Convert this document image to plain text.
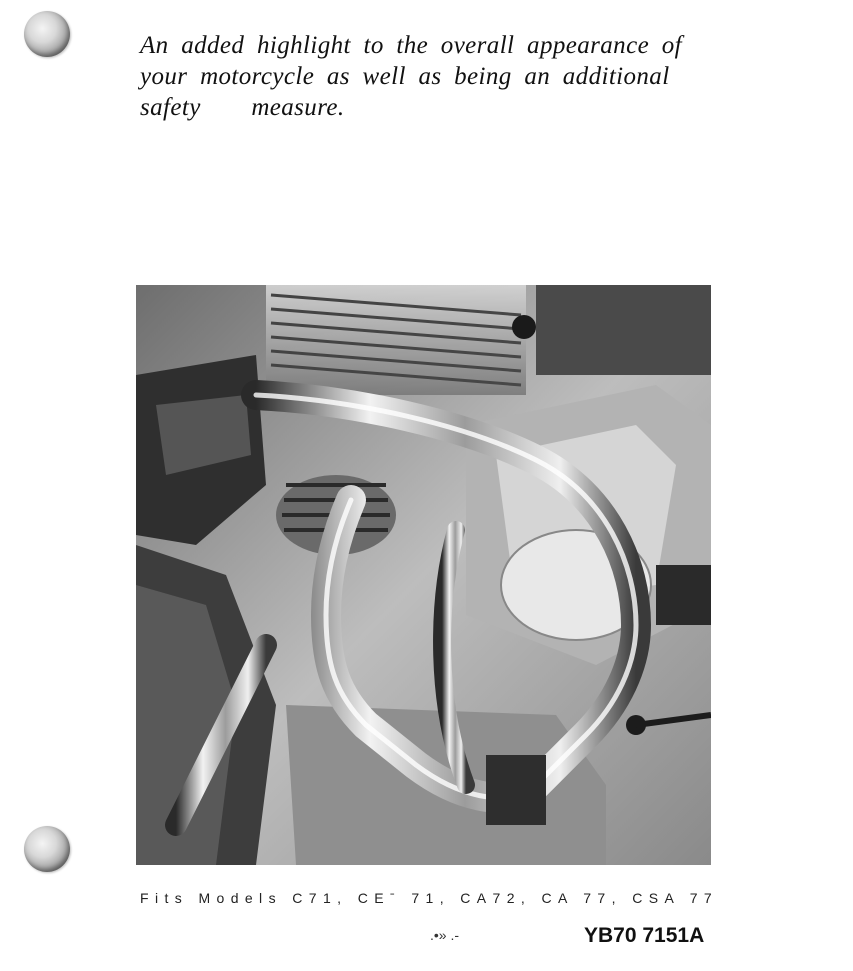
An added highlight to the overall appearance of
your motorcycle as well as being an additional
safety    measure.

Fits Models C71, CEˉ 71, CA72, CA 77, CSA 77
.•» .-	YB70 7151A
